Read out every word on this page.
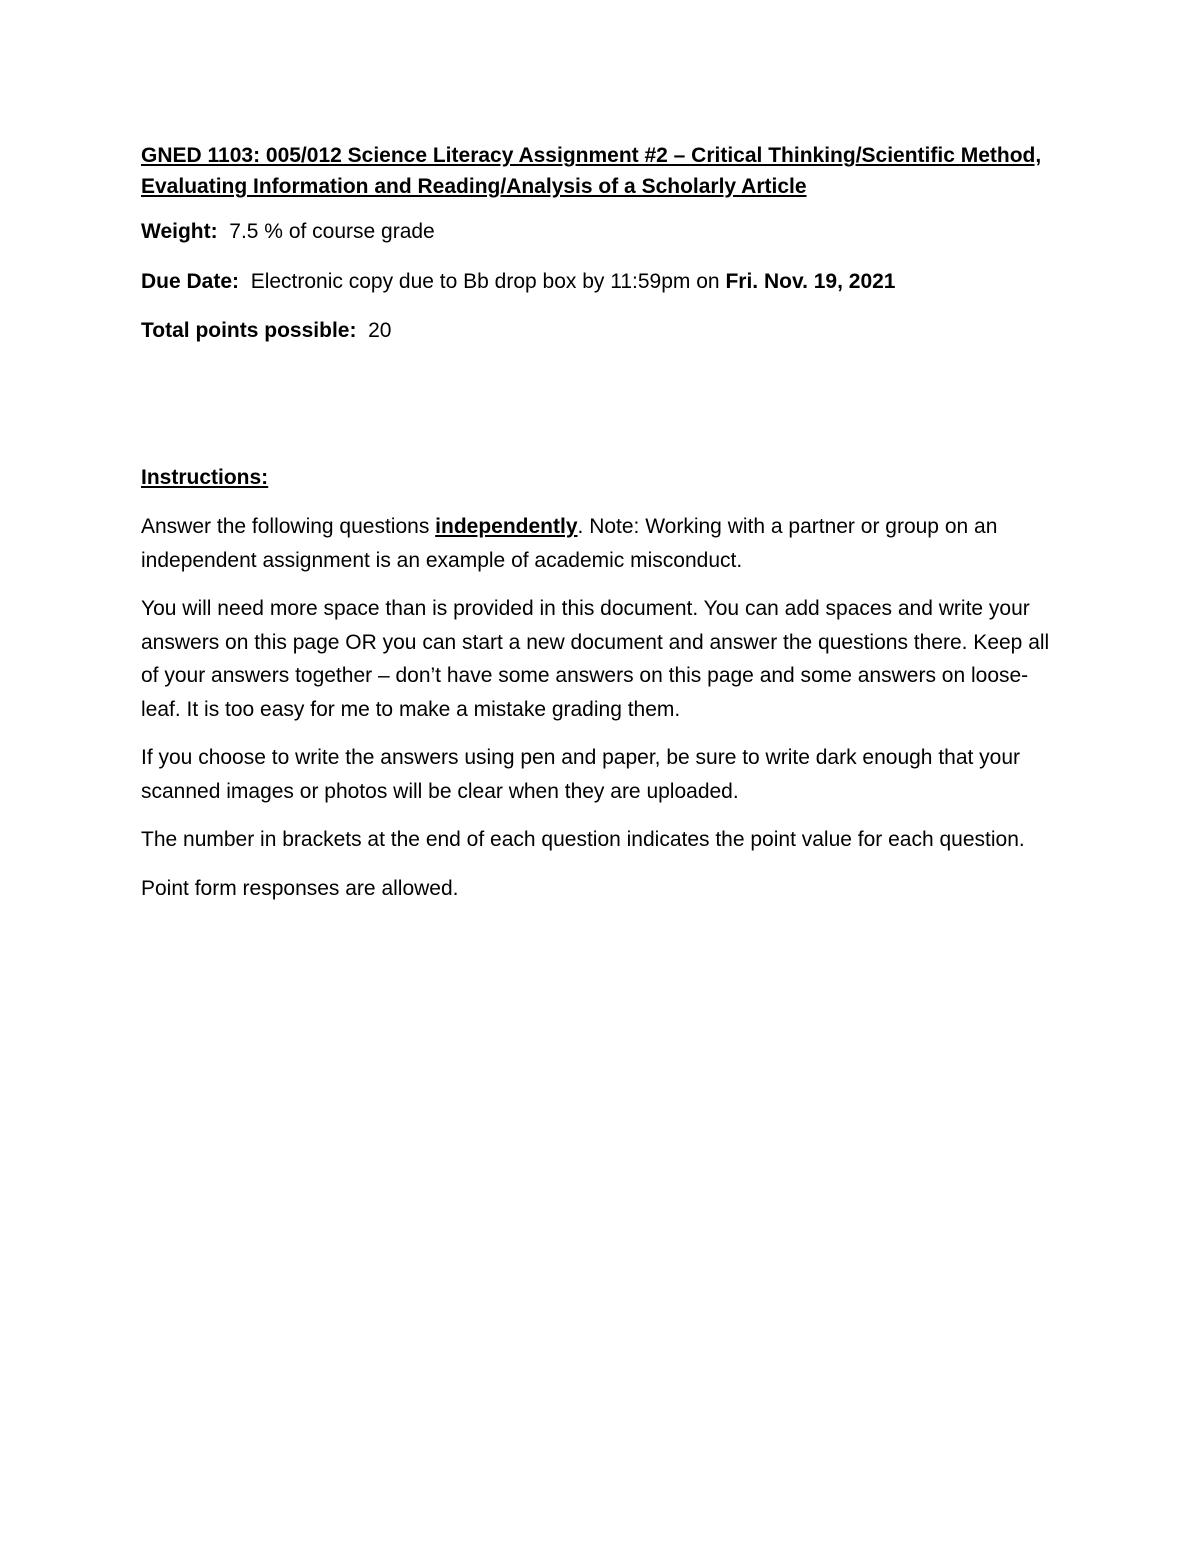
GNED 1103: 005/012 Science Literacy Assignment #2 – Critical Thinking/Scientific Method, Evaluating Information and Reading/Analysis of a Scholarly Article
Weight: 7.5 % of course grade
Due Date: Electronic copy due to Bb drop box by 11:59pm on Fri. Nov. 19, 2021
Total points possible: 20
Instructions:
Answer the following questions independently. Note: Working with a partner or group on an independent assignment is an example of academic misconduct.
You will need more space than is provided in this document. You can add spaces and write your answers on this page OR you can start a new document and answer the questions there. Keep all of your answers together – don’t have some answers on this page and some answers on loose-leaf. It is too easy for me to make a mistake grading them.
If you choose to write the answers using pen and paper, be sure to write dark enough that your scanned images or photos will be clear when they are uploaded.
The number in brackets at the end of each question indicates the point value for each question.
Point form responses are allowed.
